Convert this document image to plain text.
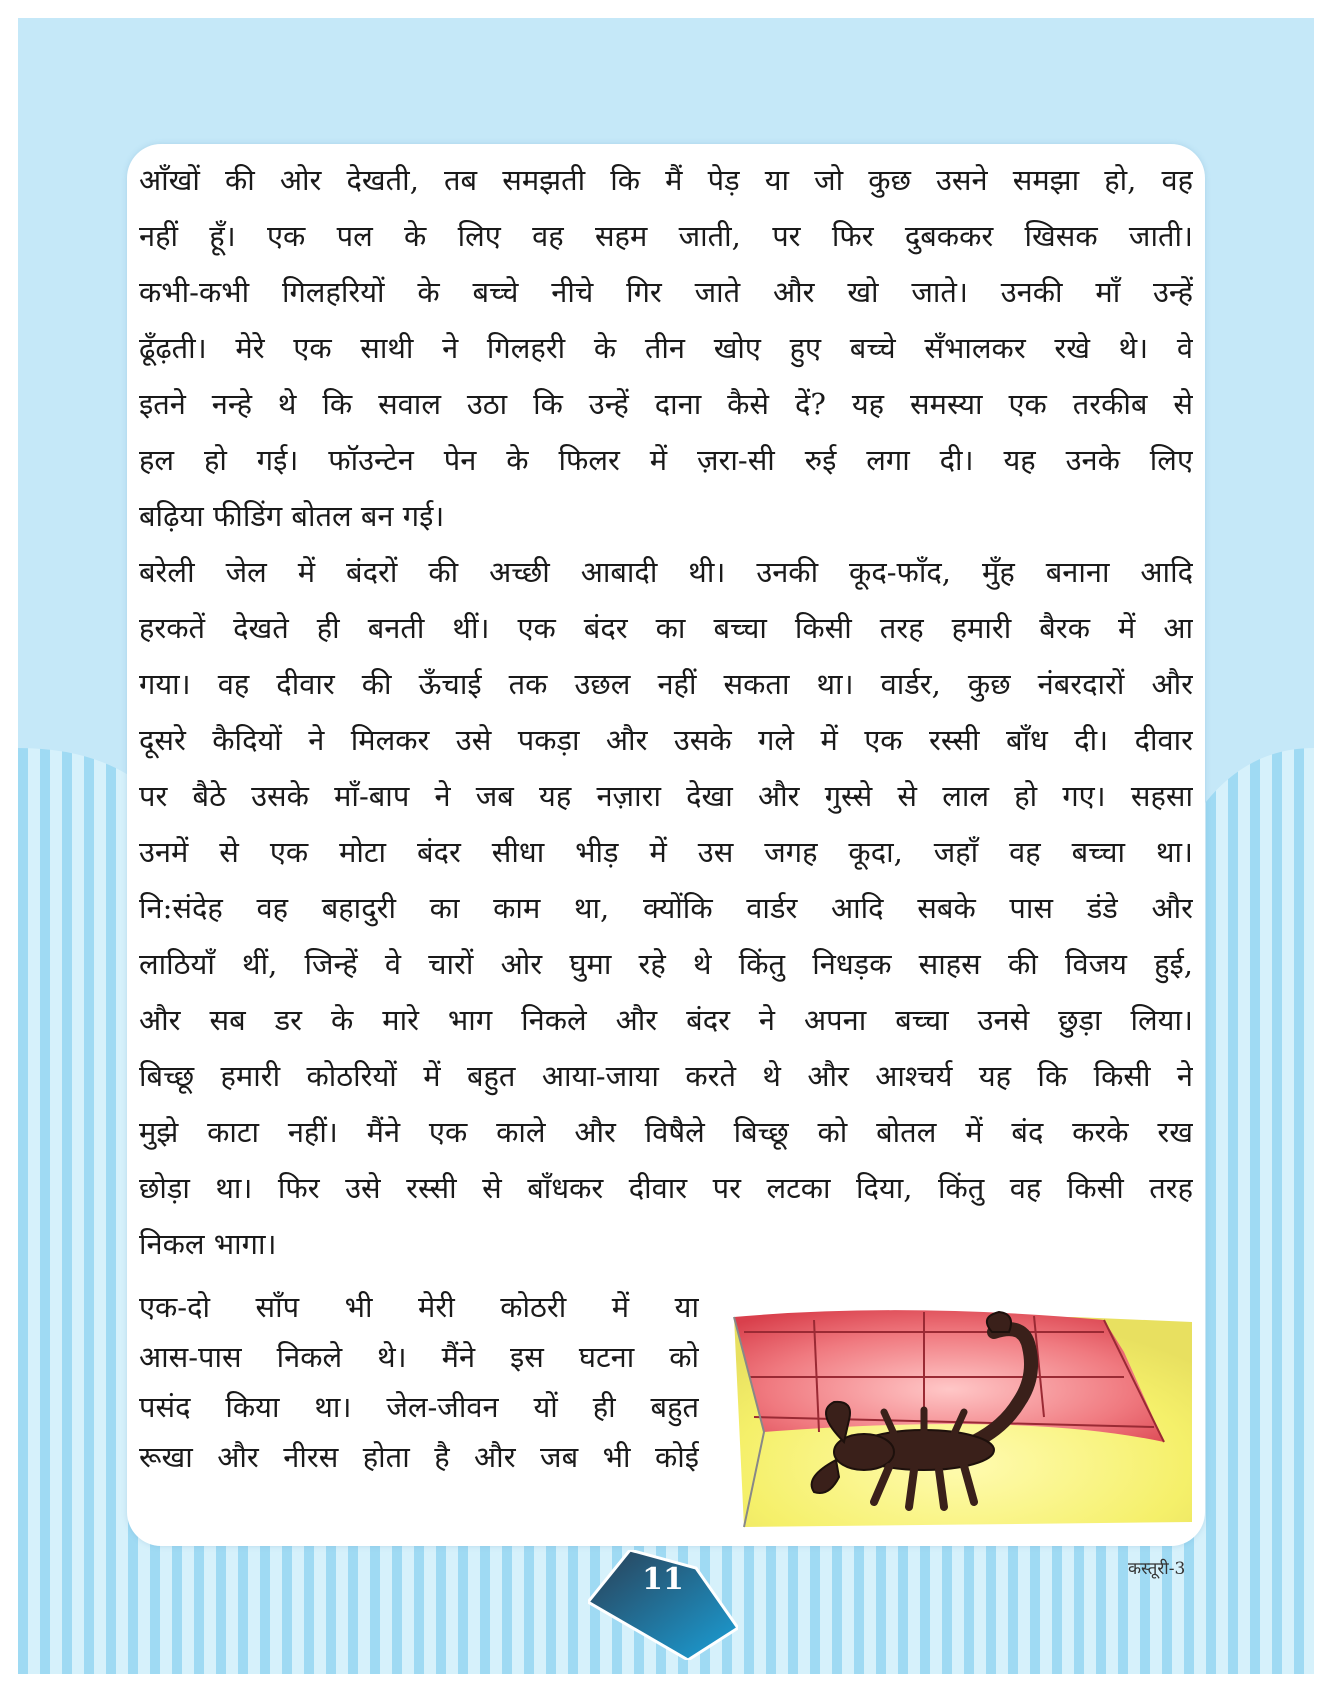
आँखों की ओर देखती, तब समझती कि मैं पेड़ या जो कुछ उसने समझा हो, वह
नहीं हूँ। एक पल के लिए वह सहम जाती, पर फिर दुबककर खिसक जाती।
कभी-कभी गिलहरियों के बच्चे नीचे गिर जाते और खो जाते। उनकी माँ उन्हें
ढूँढ़ती। मेरे एक साथी ने गिलहरी के तीन खोए हुए बच्चे सँभालकर रखे थे। वे
इतने नन्हे थे कि सवाल उठा कि उन्हें दाना कैसे दें? यह समस्या एक तरकीब से
हल हो गई। फॉउन्टेन पेन के फिलर में ज़रा-सी रुई लगा दी। यह उनके लिए
बढ़िया फीडिंग बोतल बन गई।
बरेली जेल में बंदरों की अच्छी आबादी थी। उनकी कूद-फाँद, मुँह बनाना आदि
हरकतें देखते ही बनती थीं। एक बंदर का बच्चा किसी तरह हमारी बैरक में आ
गया। वह दीवार की ऊँचाई तक उछल नहीं सकता था। वार्डर, कुछ नंबरदारों और
दूसरे कैदियों ने मिलकर उसे पकड़ा और उसके गले में एक रस्सी बाँध दी। दीवार
पर बैठे उसके माँ-बाप ने जब यह नज़ारा देखा और गुस्से से लाल हो गए। सहसा
उनमें से एक मोटा बंदर सीधा भीड़ में उस जगह कूदा, जहाँ वह बच्चा था।
नि:संदेह वह बहादुरी का काम था, क्योंकि वार्डर आदि सबके पास डंडे और
लाठियाँ थीं, जिन्हें वे चारों ओर घुमा रहे थे किंतु निधड़क साहस की विजय हुई,
और सब डर के मारे भाग निकले और बंदर ने अपना बच्चा उनसे छुड़ा लिया।
बिच्छू हमारी कोठरियों में बहुत आया-जाया करते थे और आश्चर्य यह कि किसी ने
मुझे काटा नहीं। मैंने एक काले और विषैले बिच्छू को बोतल में बंद करके रख
छोड़ा था। फिर उसे रस्सी से बाँधकर दीवार पर लटका दिया, किंतु वह किसी तरह
निकल भागा।
एक-दो साँप भी मेरी कोठरी में या
आस-पास निकले थे। मैंने इस घटना को
पसंद किया था। जेल-जीवन यों ही बहुत
रूखा और नीरस होता है और जब भी कोई
11	कस्तूरी-3
